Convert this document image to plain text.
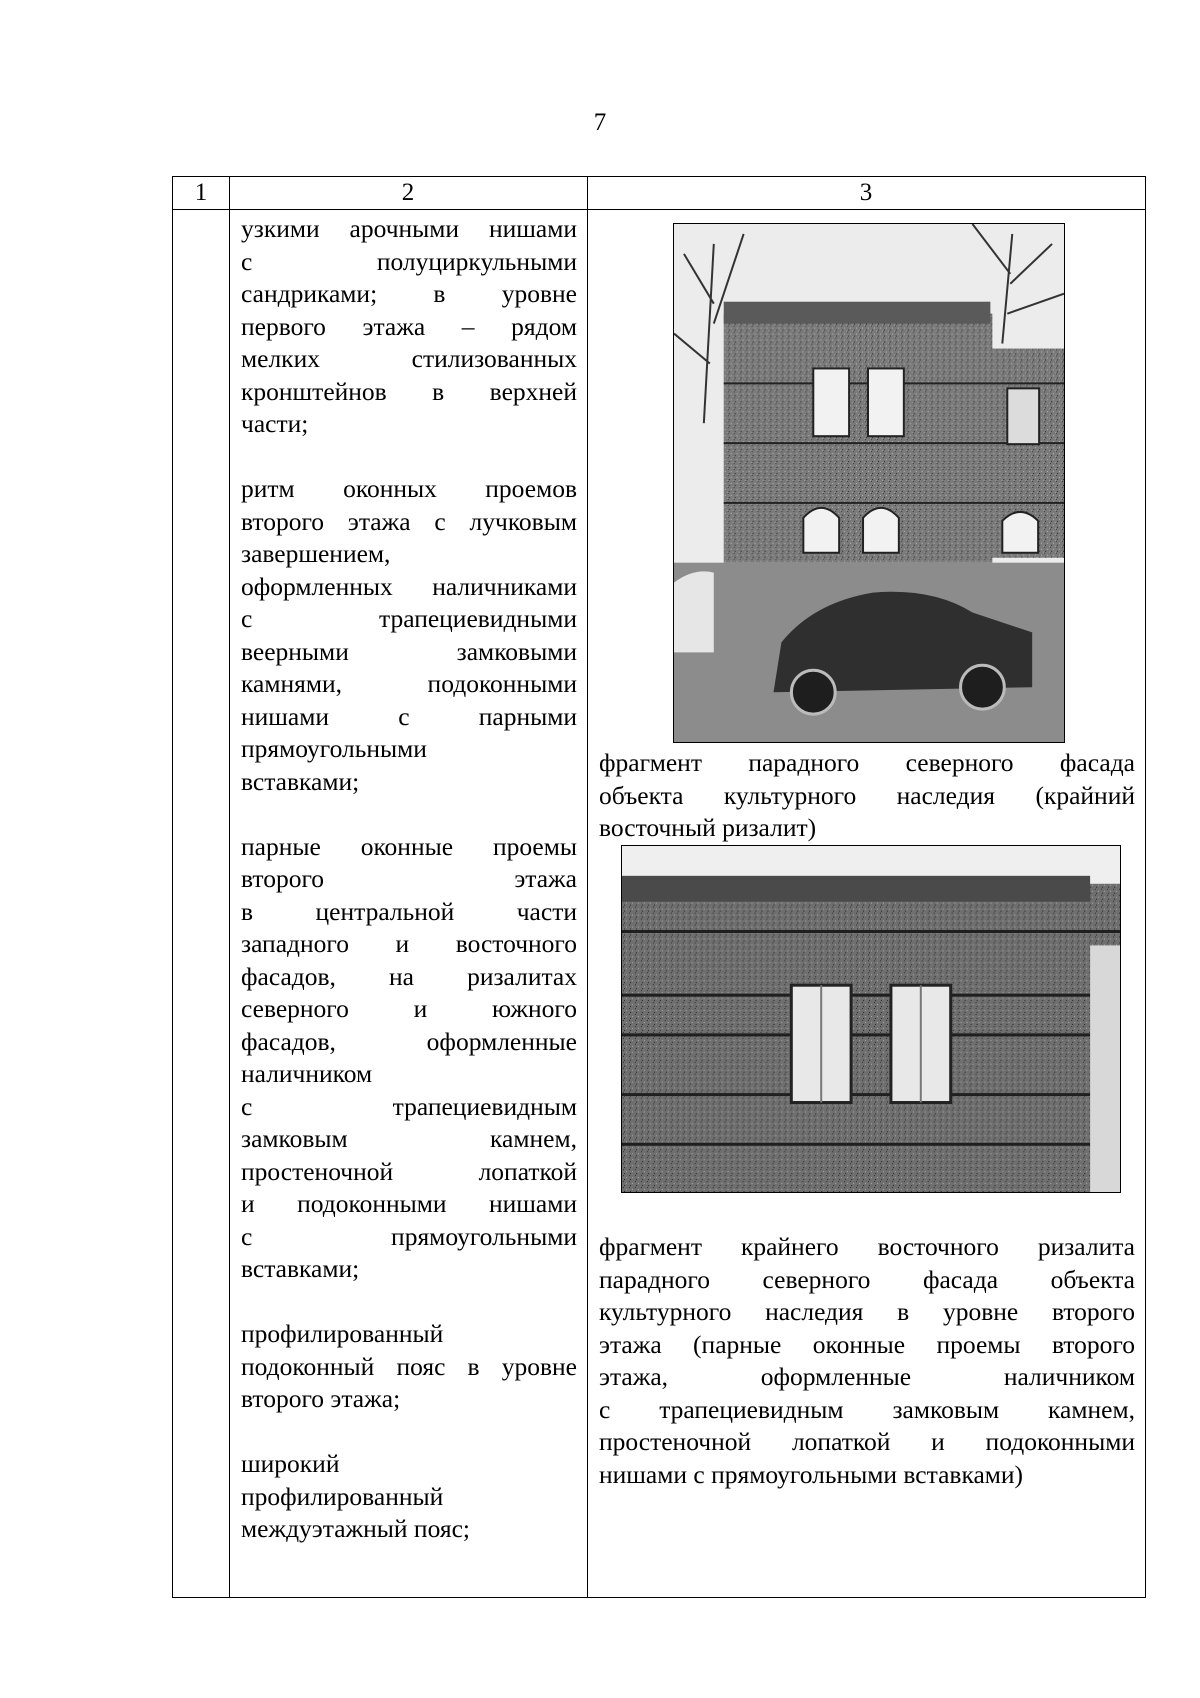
7
1	2	3
узкими арочными нишами
с полуциркульными
сандриками; в уровне
первого этажа – рядом
мелких стилизованных
кронштейнов в верхней
части;
ритм оконных проемов
второго этажа с лучковым
завершением,
оформленных наличниками
с трапециевидными
веерными замковыми
камнями, подоконными
нишами с парными
прямоугольными
вставками;
парные оконные проемы
второго этажа
в центральной части
западного и восточного
фасадов, на ризалитах
северного и южного
фасадов, оформленные
наличником
с трапециевидным
замковым камнем,
простеночной лопаткой
и подоконными нишами
с прямоугольными
вставками;
профилированный
подоконный пояс в уровне
второго этажа;
широкий
профилированный
междуэтажный пояс;

фрагмент парадного северного фасада
объекта культурного наследия (крайний
восточный ризалит)

фрагмент крайнего восточного ризалита
парадного северного фасада объекта
культурного наследия в уровне второго
этажа (парные оконные проемы второго
этажа, оформленные наличником
с трапециевидным замковым камнем,
простеночной лопаткой и подоконными
нишами с прямоугольными вставками)
